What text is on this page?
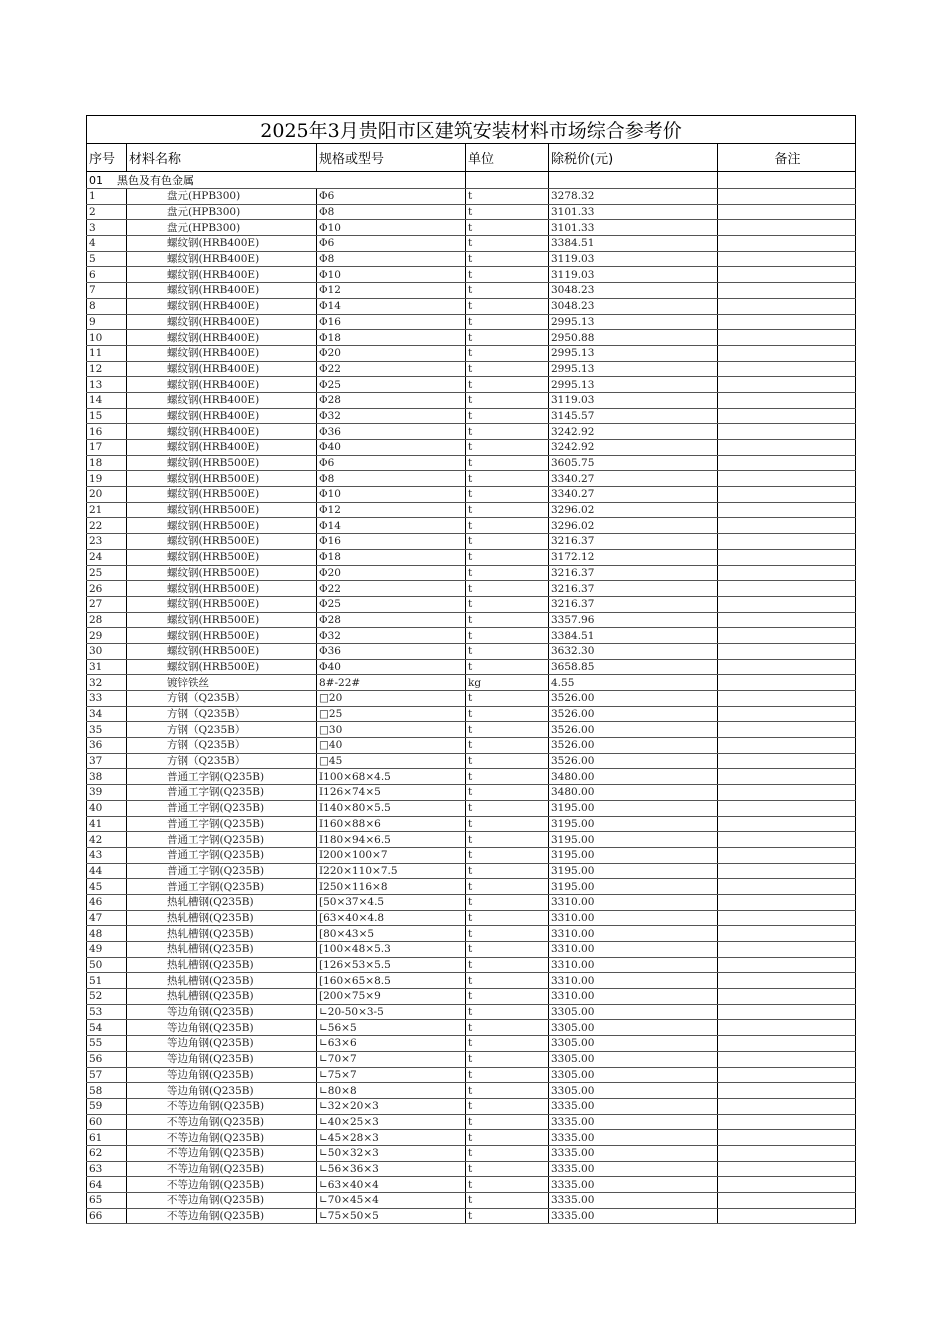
2025年3月贵阳市区建筑安装材料市场综合参考价					
序号	材料名称	规格或型号	单位	除税价(元)	备注
01 黑色及有色金属					
1	盘元(HPB300)	Φ6	t	3278.32	
2	盘元(HPB300)	Φ8	t	3101.33	
3	盘元(HPB300)	Φ10	t	3101.33	
4	螺纹钢(HRB400E)	Φ6	t	3384.51	
5	螺纹钢(HRB400E)	Φ8	t	3119.03	
6	螺纹钢(HRB400E)	Φ10	t	3119.03	
7	螺纹钢(HRB400E)	Φ12	t	3048.23	
8	螺纹钢(HRB400E)	Φ14	t	3048.23	
9	螺纹钢(HRB400E)	Φ16	t	2995.13	
10	螺纹钢(HRB400E)	Φ18	t	2950.88	
11	螺纹钢(HRB400E)	Φ20	t	2995.13	
12	螺纹钢(HRB400E)	Φ22	t	2995.13	
13	螺纹钢(HRB400E)	Φ25	t	2995.13	
14	螺纹钢(HRB400E)	Φ28	t	3119.03	
15	螺纹钢(HRB400E)	Φ32	t	3145.57	
16	螺纹钢(HRB400E)	Φ36	t	3242.92	
17	螺纹钢(HRB400E)	Φ40	t	3242.92	
18	螺纹钢(HRB500E)	Φ6	t	3605.75	
19	螺纹钢(HRB500E)	Φ8	t	3340.27	
20	螺纹钢(HRB500E)	Φ10	t	3340.27	
21	螺纹钢(HRB500E)	Φ12	t	3296.02	
22	螺纹钢(HRB500E)	Φ14	t	3296.02	
23	螺纹钢(HRB500E)	Φ16	t	3216.37	
24	螺纹钢(HRB500E)	Φ18	t	3172.12	
25	螺纹钢(HRB500E)	Φ20	t	3216.37	
26	螺纹钢(HRB500E)	Φ22	t	3216.37	
27	螺纹钢(HRB500E)	Φ25	t	3216.37	
28	螺纹钢(HRB500E)	Φ28	t	3357.96	
29	螺纹钢(HRB500E)	Φ32	t	3384.51	
30	螺纹钢(HRB500E)	Φ36	t	3632.30	
31	螺纹钢(HRB500E)	Φ40	t	3658.85	
32	镀锌铁丝	8#-22#	kg	4.55	
33	方钢（Q235B）	□20	t	3526.00	
34	方钢（Q235B）	□25	t	3526.00	
35	方钢（Q235B）	□30	t	3526.00	
36	方钢（Q235B）	□40	t	3526.00	
37	方钢（Q235B）	□45	t	3526.00	
38	普通工字钢(Q235B)	I100×68×4.5	t	3480.00	
39	普通工字钢(Q235B)	I126×74×5	t	3480.00	
40	普通工字钢(Q235B)	I140×80×5.5	t	3195.00	
41	普通工字钢(Q235B)	I160×88×6	t	3195.00	
42	普通工字钢(Q235B)	I180×94×6.5	t	3195.00	
43	普通工字钢(Q235B)	I200×100×7	t	3195.00	
44	普通工字钢(Q235B)	I220×110×7.5	t	3195.00	
45	普通工字钢(Q235B)	I250×116×8	t	3195.00	
46	热轧槽钢(Q235B)	[50×37×4.5	t	3310.00	
47	热轧槽钢(Q235B)	[63×40×4.8	t	3310.00	
48	热轧槽钢(Q235B)	[80×43×5	t	3310.00	
49	热轧槽钢(Q235B)	[100×48×5.3	t	3310.00	
50	热轧槽钢(Q235B)	[126×53×5.5	t	3310.00	
51	热轧槽钢(Q235B)	[160×65×8.5	t	3310.00	
52	热轧槽钢(Q235B)	[200×75×9	t	3310.00	
53	等边角钢(Q235B)	∟20-50×3-5	t	3305.00	
54	等边角钢(Q235B)	∟56×5	t	3305.00	
55	等边角钢(Q235B)	∟63×6	t	3305.00	
56	等边角钢(Q235B)	∟70×7	t	3305.00	
57	等边角钢(Q235B)	∟75×7	t	3305.00	
58	等边角钢(Q235B)	∟80×8	t	3305.00	
59	不等边角钢(Q235B)	∟32×20×3	t	3335.00	
60	不等边角钢(Q235B)	∟40×25×3	t	3335.00	
61	不等边角钢(Q235B)	∟45×28×3	t	3335.00	
62	不等边角钢(Q235B)	∟50×32×3	t	3335.00	
63	不等边角钢(Q235B)	∟56×36×3	t	3335.00	
64	不等边角钢(Q235B)	∟63×40×4	t	3335.00	
65	不等边角钢(Q235B)	∟70×45×4	t	3335.00	
66	不等边角钢(Q235B)	∟75×50×5	t	3335.00	
